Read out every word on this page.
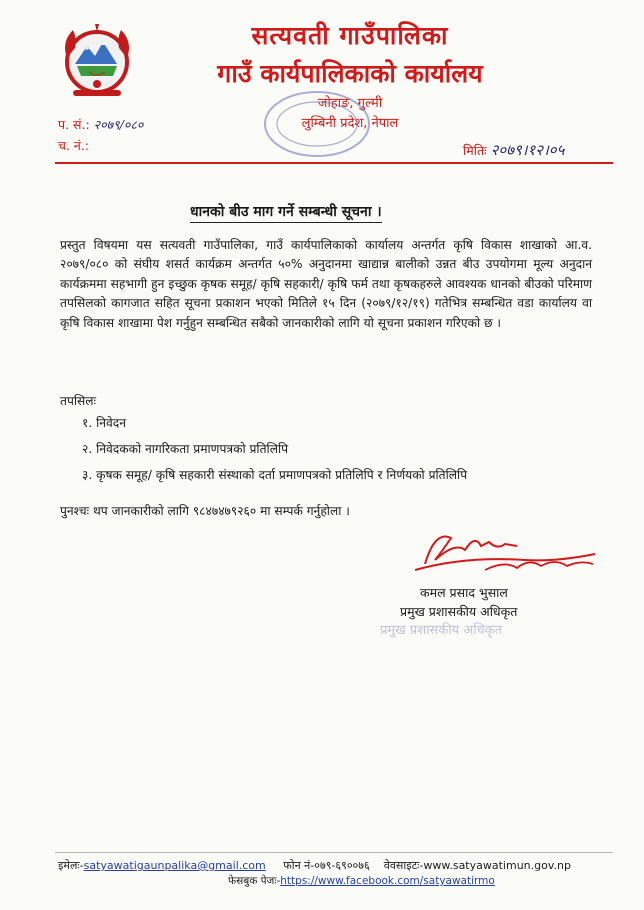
सत्यवती गाउँपालिका
गाउँ कार्यपालिकाको कार्यालय
जोहाङ, गुल्मी
लुम्बिनी प्रदेश, नेपाल
प. सं.: २०७९/०८०
च. नं.:	मितिः २०७९।१२।०५
धानको बीउ माग गर्ने सम्बन्धी सूचना ।
प्रस्तुत विषयमा यस सत्यवती गाउँपालिका, गाउँ कार्यपालिकाको कार्यालय अन्तर्गत कृषि विकास शाखाको आ.व. २०७९/०८० को संघीय शसर्त कार्यक्रम अन्तर्गत ५०% अनुदानमा खाद्यान्न बालीको उन्नत बीउ उपयोगमा मूल्य अनुदान कार्यक्रममा सहभागी हुन इच्छुक कृषक समूह/ कृषि सहकारी/ कृषि फर्म तथा कृषकहरुले आवश्यक धानको बीउको परिमाण तपसिलको कागजात सहित सूचना प्रकाशन भएको मितिले १५ दिन (२०७९/१२/१९) गतेभित्र सम्बन्धित वडा कार्यालय वा कृषि विकास शाखामा पेश गर्नुहुन सम्बन्धित सबैको जानकारीको लागि यो सूचना प्रकाशन गरिएको छ ।
तपसिलः
१. निवेदन
२. निवेदकको नागरिकता प्रमाणपत्रको प्रतिलिपि
३. कृषक समूह/ कृषि सहकारी संस्थाको दर्ता प्रमाणपत्रको प्रतिलिपि र निर्णयको प्रतिलिपि
पुनश्चः थप जानकारीको लागि ९८४७४७९२६० मा सम्पर्क गर्नुहोला ।
कमल प्रसाद भुसाल
प्रमुख प्रशासकीय अधिकृत
प्रमुख प्रशासकीय अधिकृत
इमेलः-satyawatigaunpalika@gmail.com फोन नं-०७९-६९००७६ वेवसाइटः-www.satyawatimun.gov.np
फेसबुक पेजः-https://www.facebook.com/satyawatirmo
